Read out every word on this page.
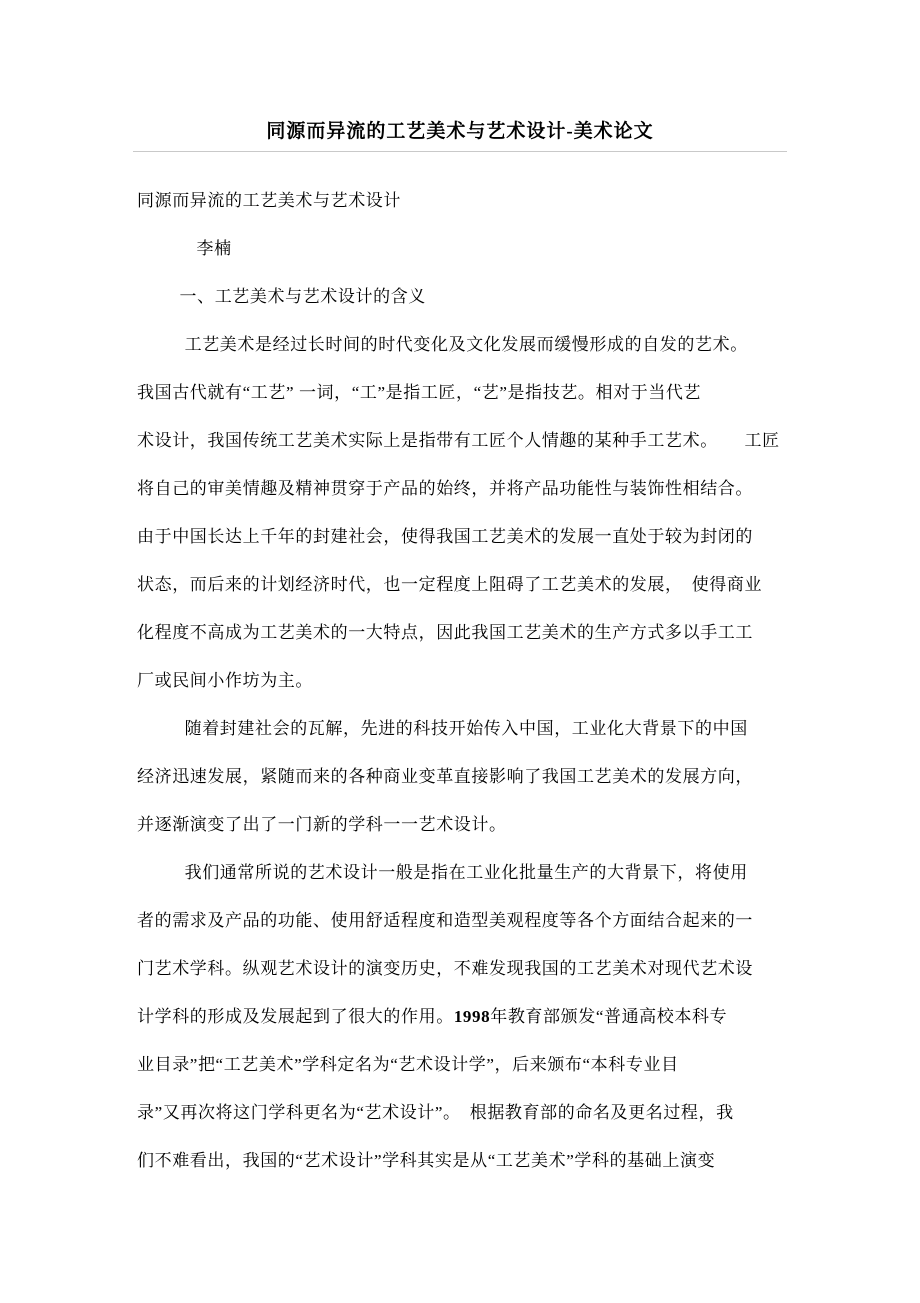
同源而异流的工艺美术与艺术设计-美术论文
同源而异流的工艺美术与艺术设计
李楠
一、工艺美术与艺术设计的含义
工艺美术是经过长时间的时代变化及文化发展而缓慢形成的自发的艺术。
我国古代就有“工艺” 一词，“工”是指工匠，“艺”是指技艺。相对于当代艺
术设计，我国传统工艺美术实际上是指带有工匠个人情趣的某种手工艺术。　　工匠
将自己的审美情趣及精神贯穿于产品的始终，并将产品功能性与装饰性相结合。
由于中国长达上千年的封建社会，使得我国工艺美术的发展一直处于较为封闭的
状态，而后来的计划经济时代，也一定程度上阻碍了工艺美术的发展，　使得商业
化程度不高成为工艺美术的一大特点，因此我国工艺美术的生产方式多以手工工
厂或民间小作坊为主。
随着封建社会的瓦解，先进的科技开始传入中国，工业化大背景下的中国
经济迅速发展，紧随而来的各种商业变革直接影响了我国工艺美术的发展方向，
并逐渐演变了出了一门新的学科一一艺术设计。
我们通常所说的艺术设计一般是指在工业化批量生产的大背景下，将使用
者的需求及产品的功能、使用舒适程度和造型美观程度等各个方面结合起来的一
门艺术学科。纵观艺术设计的演变历史，不难发现我国的工艺美术对现代艺术设
计学科的形成及发展起到了很大的作用。1998年教育部颁发“普通高校本科专
业目录”把“工艺美术”学科定名为“艺术设计学”，后来颁布“本科专业目
录”又再次将这门学科更名为“艺术设计”。　根据教育部的命名及更名过程，我
们不难看出，我国的“艺术设计”学科其实是从“工艺美术”学科的基础上演变
